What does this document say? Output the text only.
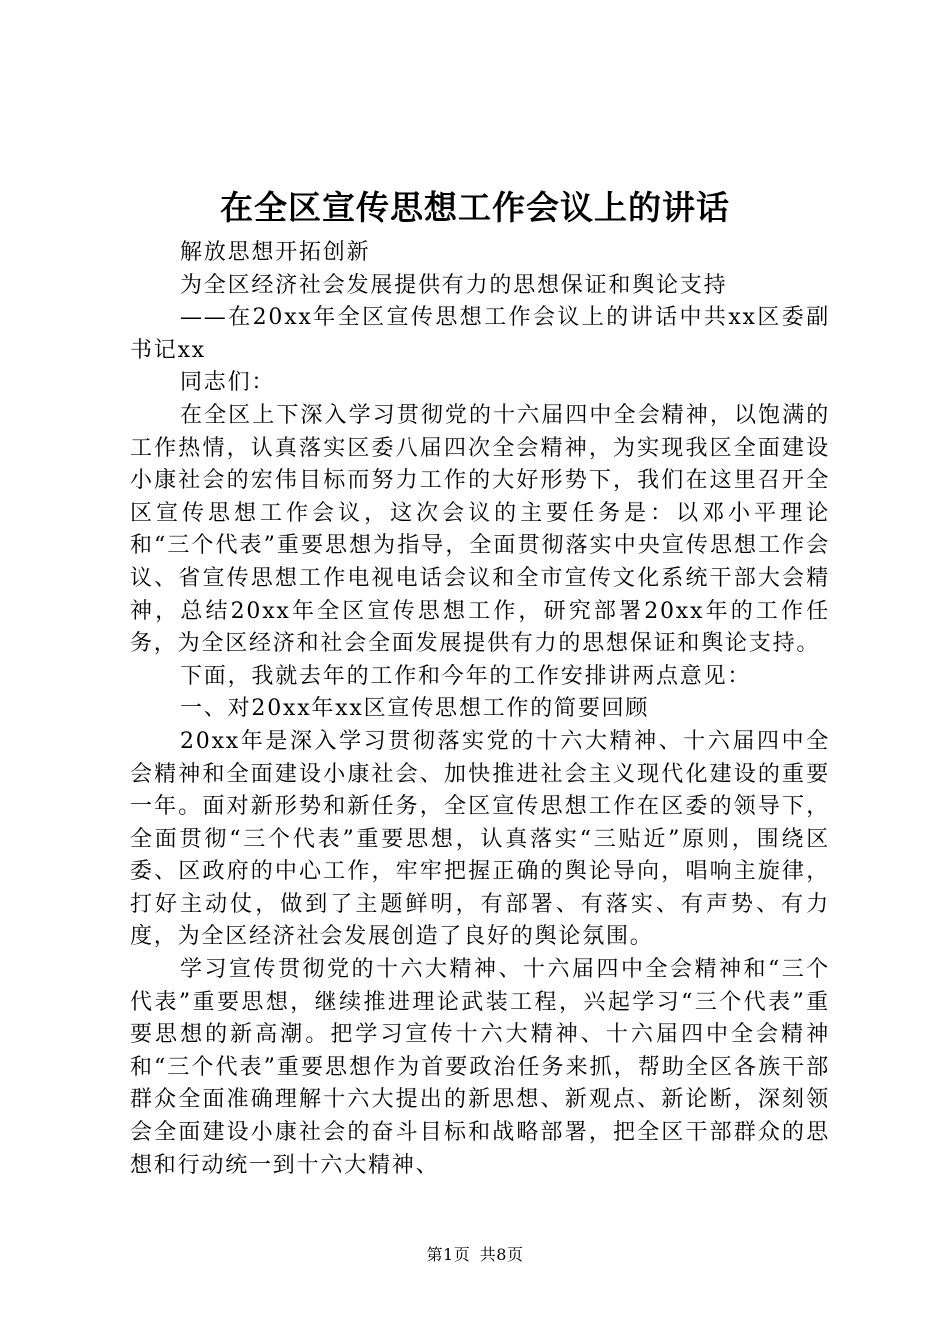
在全区宣传思想工作会议上的讲话

解放思想开拓创新

为全区经济社会发展提供有力的思想保证和舆论支持

——在20xx年全区宣传思想工作会议上的讲话中共xx区委副书记xx

同志们：

在全区上下深入学习贯彻党的十六届四中全会精神，以饱满的工作热情，认真落实区委八届四次全会精神，为实现我区全面建设小康社会的宏伟目标而努力工作的大好形势下，我们在这里召开全区宣传思想工作会议，这次会议的主要任务是：以邓小平理论和“三个代表”重要思想为指导，全面贯彻落实中央宣传思想工作会议、省宣传思想工作电视电话会议和全市宣传文化系统干部大会精神，总结20xx年全区宣传思想工作，研究部署20xx年的工作任务，为全区经济和社会全面发展提供有力的思想保证和舆论支持。

下面，我就去年的工作和今年的工作安排讲两点意见：

一、对20xx年xx区宣传思想工作的简要回顾

20xx年是深入学习贯彻落实党的十六大精神、十六届四中全会精神和全面建设小康社会、加快推进社会主义现代化建设的重要一年。面对新形势和新任务，全区宣传思想工作在区委的领导下，全面贯彻“三个代表”重要思想，认真落实“三贴近”原则，围绕区委、区政府的中心工作，牢牢把握正确的舆论导向，唱响主旋律，打好主动仗，做到了主题鲜明，有部署、有落实、有声势、有力度，为全区经济社会发展创造了良好的舆论氛围。

学习宣传贯彻党的十六大精神、十六届四中全会精神和“三个代表”重要思想，继续推进理论武装工程，兴起学习“三个代表”重要思想的新高潮。把学习宣传十六大精神、十六届四中全会精神和“三个代表”重要思想作为首要政治任务来抓，帮助全区各族干部群众全面准确理解十六大提出的新思想、新观点、新论断，深刻领会全面建设小康社会的奋斗目标和战略部署，把全区干部群众的思想和行动统一到十六大精神、

第1页 共8页
